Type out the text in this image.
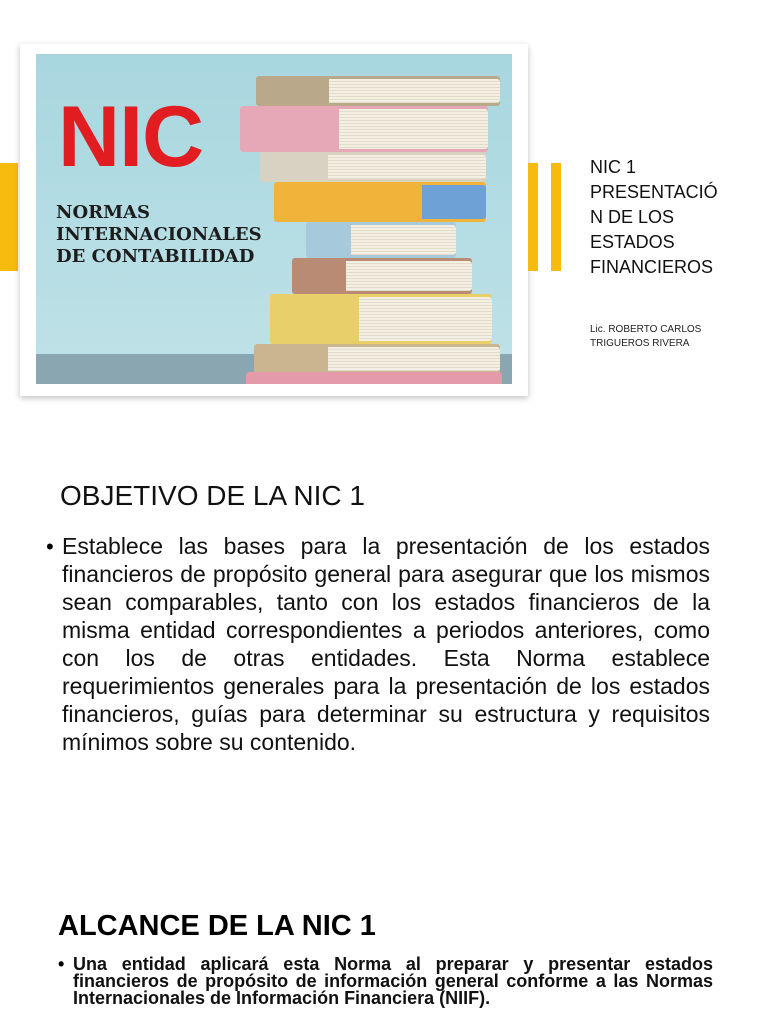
NIC
NORMAS
INTERNACIONALES
DE CONTABILIDAD
NIC 1
PRESENTACIÓ
N DE LOS
ESTADOS
FINANCIEROS
Lic. ROBERTO CARLOS
TRIGUEROS RIVERA
OBJETIVO DE LA NIC 1
• Establece las bases para la presentación de los estados financieros de propósito general para asegurar que los mismos sean comparables, tanto con los estados financieros de la misma entidad correspondientes a periodos anteriores, como con los de otras entidades. Esta Norma establece requerimientos generales para la presentación de los estados financieros, guías para determinar su estructura y requisitos mínimos sobre su contenido.
ALCANCE DE LA NIC 1
• Una entidad aplicará esta Norma al preparar y presentar estados financieros de propósito de información general conforme a las Normas Internacionales de Información Financiera (NIIF).
